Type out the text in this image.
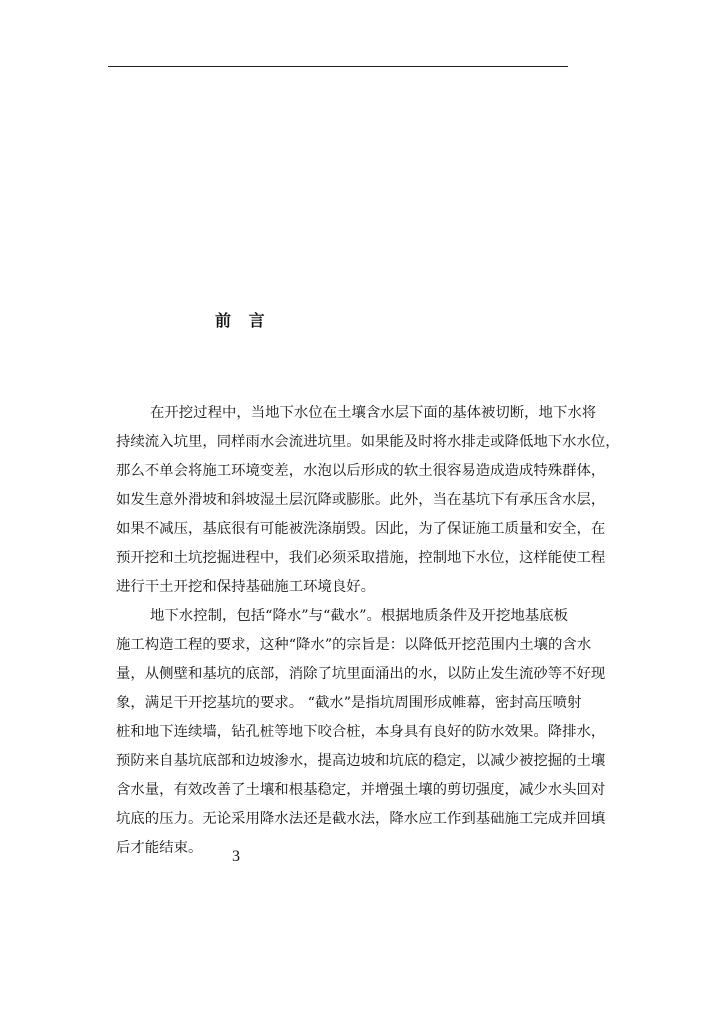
前 言
在开挖过程中，当地下水位在土壤含水层下面的基体被切断，地下水将
持续流入坑里，同样雨水会流进坑里。如果能及时将水排走或降低地下水水位，
那么不单会将施工环境变差，水泡以后形成的软土很容易造成造成特殊群体，
如发生意外滑坡和斜坡湿土层沉降或膨胀。此外，当在基坑下有承压含水层，
如果不减压，基底很有可能被洗涤崩毁。因此，为了保证施工质量和安全，在
预开挖和土坑挖掘进程中，我们必须采取措施，控制地下水位，这样能使工程
进行干土开挖和保持基础施工环境良好。
地下水控制，包括“降水”与“截水”。根据地质条件及开挖地基底板
施工构造工程的要求，这种“降水”的宗旨是：以降低开挖范围内土壤的含水
量，从侧壁和基坑的底部，消除了坑里面涌出的水，以防止发生流砂等不好现
象，满足干开挖基坑的要求。 “截水”是指坑周围形成帷幕，密封高压喷射
桩和地下连续墙，钻孔桩等地下咬合桩，本身具有良好的防水效果。降排水，
预防来自基坑底部和边坡渗水，提高边坡和坑底的稳定，以减少被挖掘的土壤
含水量，有效改善了土壤和根基稳定，并增强土壤的剪切强度，减少水头回对
坑底的压力。无论采用降水法还是截水法，降水应工作到基础施工完成并回填
后才能结束。 3
